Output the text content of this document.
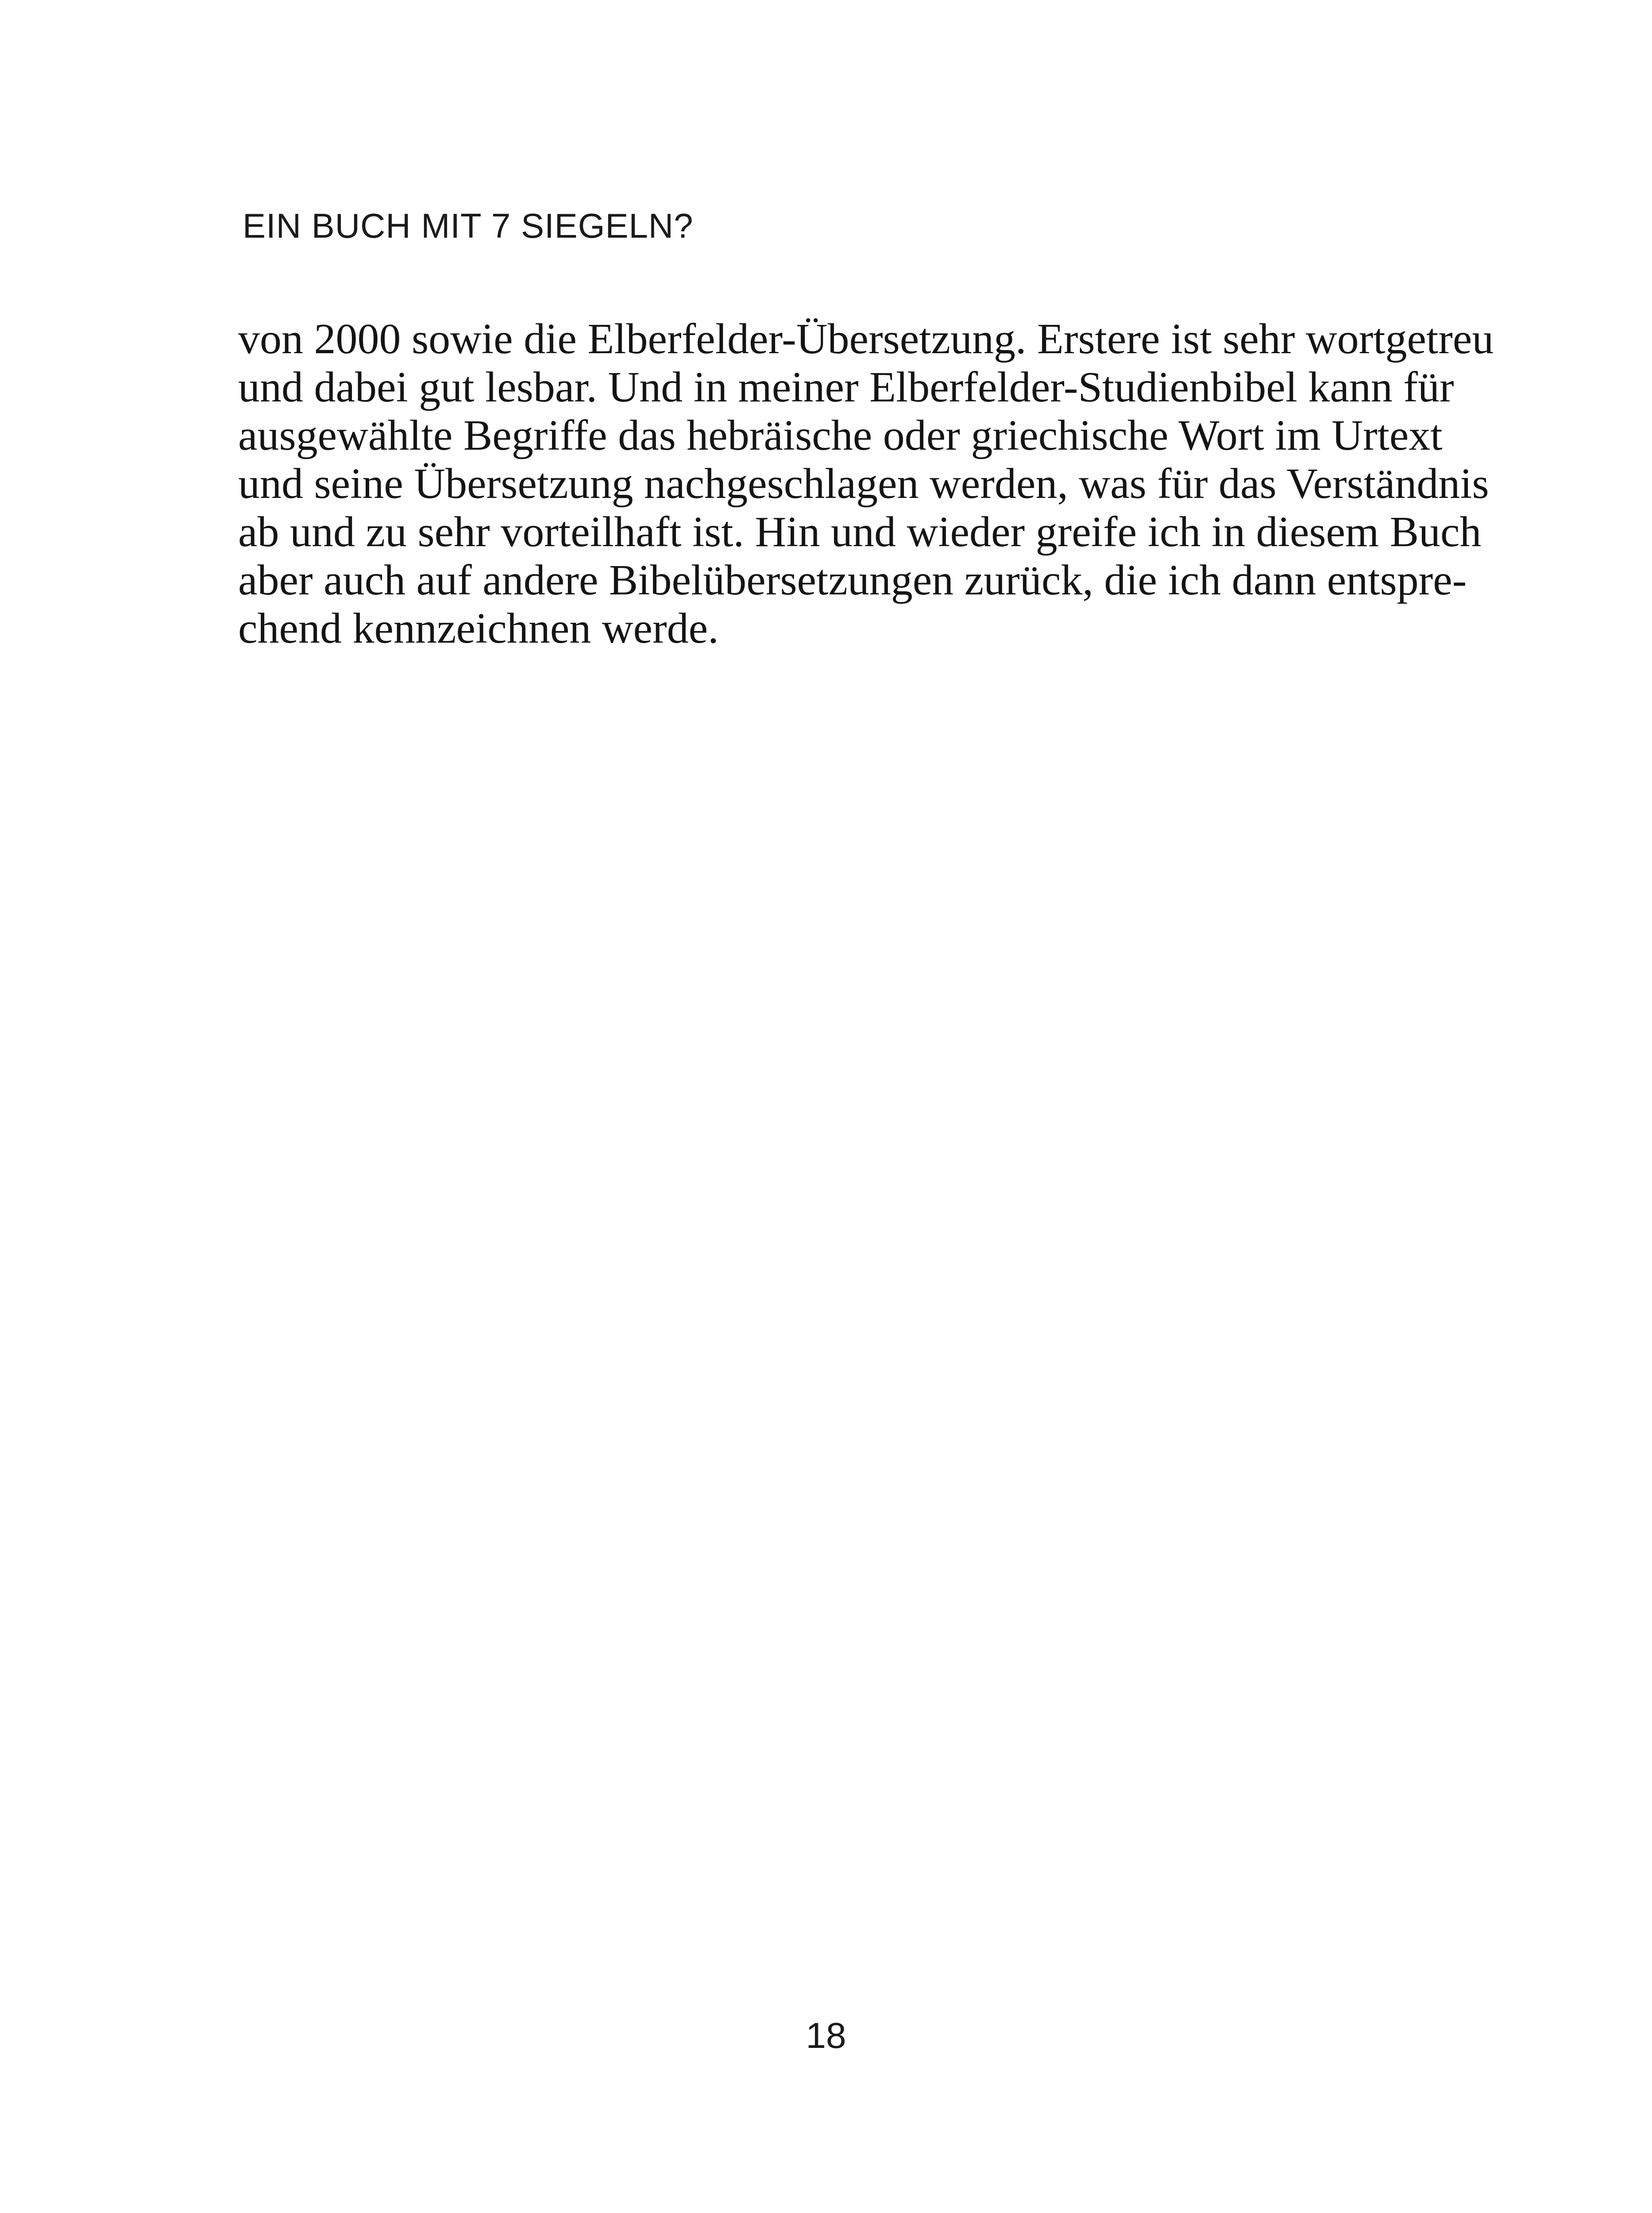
EIN BUCH MIT 7 SIEGELN?
von 2000 sowie die Elberfelder-Übersetzung. Erstere ist sehr wortgetreu
und dabei gut lesbar. Und in meiner Elberfelder-Studienbibel kann für
ausgewählte Begriffe das hebräische oder griechische Wort im Urtext
und seine Übersetzung nachgeschlagen werden, was für das Verständnis
ab und zu sehr vorteilhaft ist. Hin und wieder greife ich in diesem Buch
aber auch auf andere Bibelübersetzungen zurück, die ich dann entspre-
chend kennzeichnen werde.
18
